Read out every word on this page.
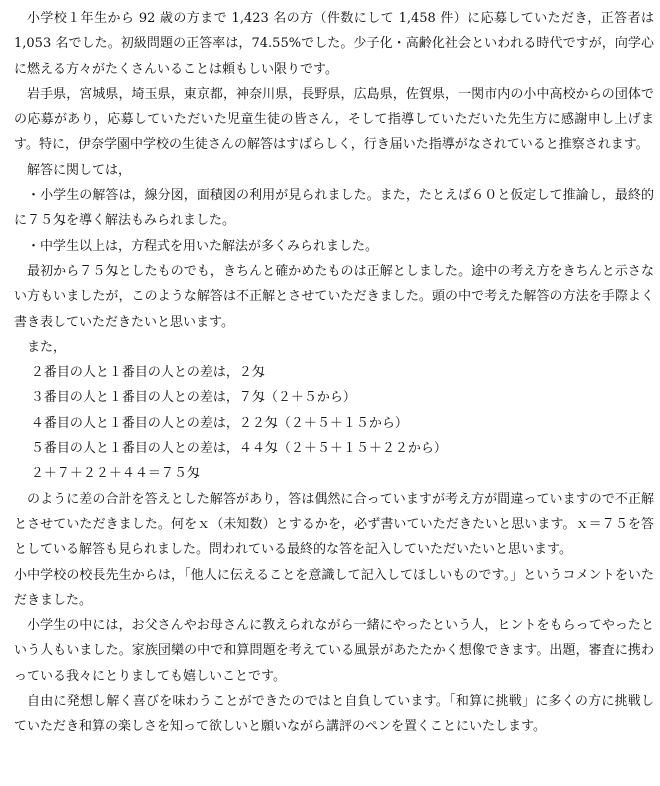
小学校１年生から 92 歳の方まで 1,423 名の方（件数にして 1,458 件）に応募していただき，正答者は 1,053 名でした。初級問題の正答率は，74.55%でした。少子化・高齢化社会といわれる時代ですが，向学心に燃える方々がたくさんいることは頼もしい限りです。

岩手県，宮城県，埼玉県，東京都，神奈川県，長野県，広島県，佐賀県，一関市内の小中高校からの団体での応募があり，応募していただいた児童生徒の皆さん，そして指導していただいた先生方に感謝申し上げます。特に，伊奈学園中学校の生徒さんの解答はすばらしく，行き届いた指導がなされていると推察されます。

解答に関しては，

・小学生の解答は，線分図，面積図の利用が見られました。また，たとえば６０と仮定して推論し，最終的に７５匁を導く解法もみられました。

・中学生以上は，方程式を用いた解法が多くみられました。

最初から７５匁としたものでも，きちんと確かめたものは正解としました。途中の考え方をきちんと示さない方もいましたが，このような解答は不正解とさせていただきました。頭の中で考えた解答の方法を手際よく書き表していただきたいと思います。

また，

２番目の人と１番目の人との差は，２匁

３番目の人と１番目の人との差は，７匁（２＋５から）

４番目の人と１番目の人との差は，２２匁（２＋５＋１５から）

５番目の人と１番目の人との差は，４４匁（２＋５＋１５＋２２から）

２＋７＋２２＋４４＝７５匁

のように差の合計を答えとした解答があり，答は偶然に合っていますが考え方が間違っていますので不正解とさせていただきました。何をｘ（未知数）とするかを，必ず書いていただきたいと思います。ｘ＝７５を答としている解答も見られました。問われている最終的な答を記入していただいたいと思います。

小中学校の校長先生からは，「他人に伝えることを意識して記入してほしいものです。」というコメントをいただきました。

小学生の中には，お父さんやお母さんに教えられながら一緒にやったという人，ヒントをもらってやったという人もいました。家族団欒の中で和算問題を考えている風景があたたかく想像できます。出題，審査に携わっている我々にとりましても嬉しいことです。

自由に発想し解く喜びを味わうことができたのではと自負しています。「和算に挑戦」に多くの方に挑戦していただき和算の楽しさを知って欲しいと願いながら講評のペンを置くことにいたします。
